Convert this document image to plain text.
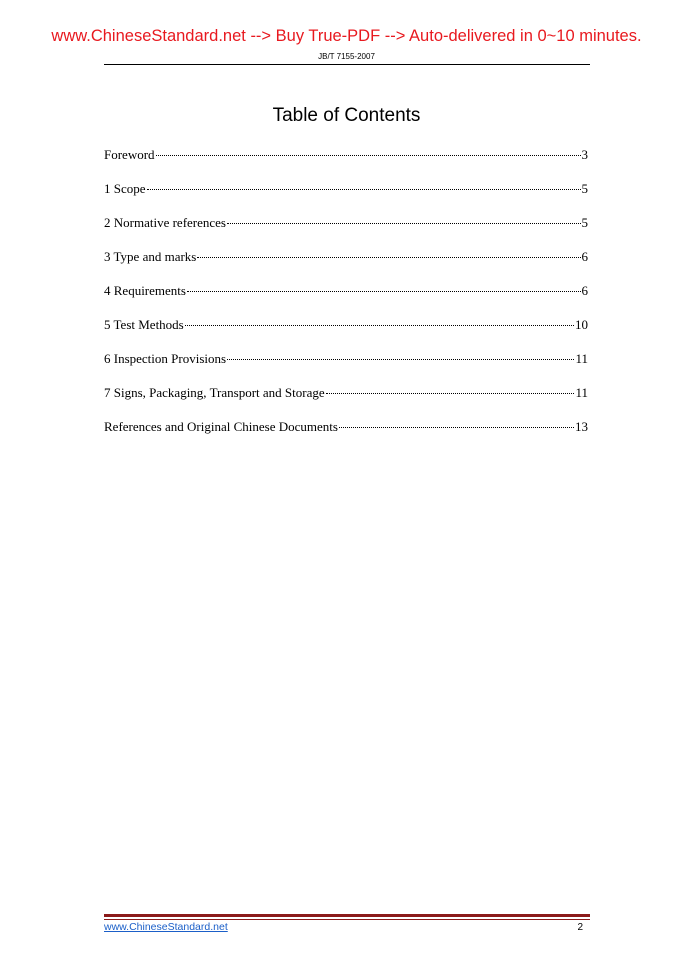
www.ChineseStandard.net --> Buy True-PDF --> Auto-delivered in 0~10 minutes.
JB/T 7155-2007
Table of Contents
Foreword	3
1 Scope	5
2 Normative references	5
3 Type and marks	6
4 Requirements	6
5 Test Methods	10
6 Inspection Provisions	11
7 Signs, Packaging, Transport and Storage	11
References and Original Chinese Documents	13
www.ChineseStandard.net	2
